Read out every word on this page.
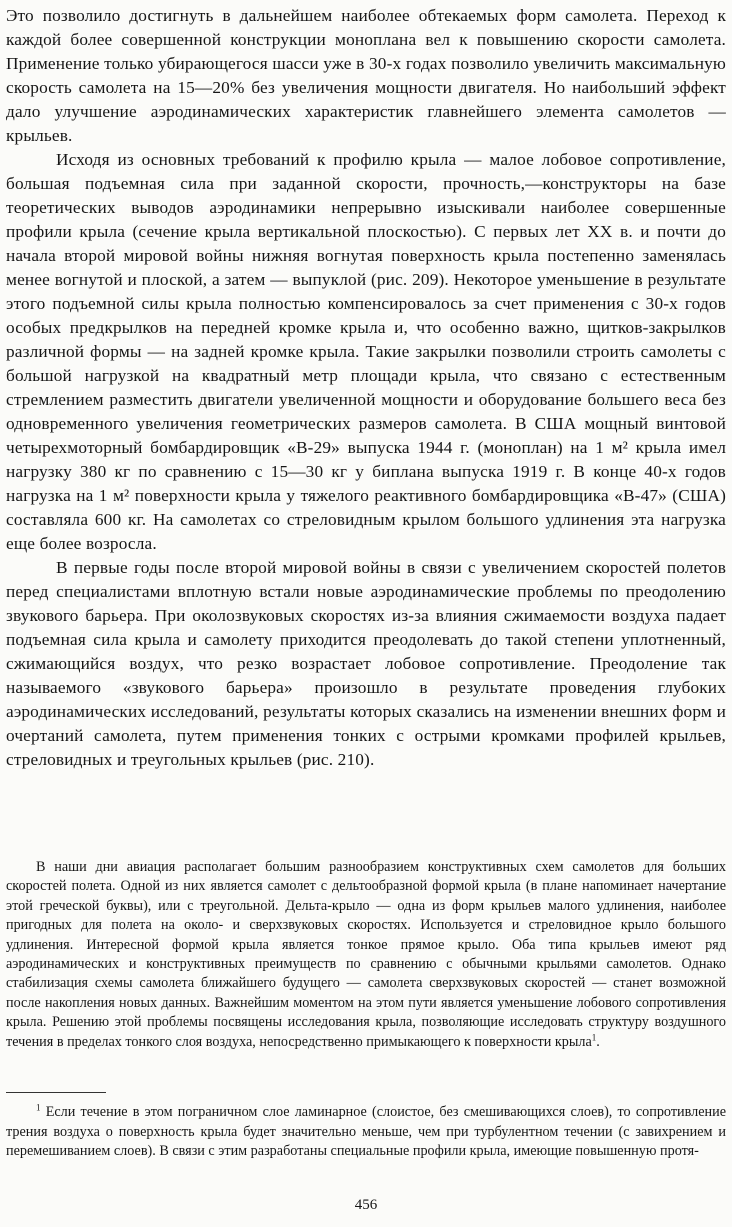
Это позволило достигнуть в дальнейшем наиболее обтекаемых форм самолета. Переход к каждой более совершенной конструкции моноплана вел к повышению скорости самолета. Применение только убирающегося шасси уже в 30-х годах позволило увеличить максимальную скорость самолета на 15—20% без увеличения мощности двигателя. Но наибольший эффект дало улучшение аэродинамических характеристик главнейшего элемента самолетов — крыльев.

Исходя из основных требований к профилю крыла — малое лобовое сопротивление, большая подъемная сила при заданной скорости, прочность,—конструкторы на базе теоретических выводов аэродинамики непрерывно изыскивали наиболее совершенные профили крыла (сечение крыла вертикальной плоскостью). С первых лет XX в. и почти до начала второй мировой войны нижняя вогнутая поверхность крыла постепенно заменялась менее вогнутой и плоской, а затем — выпуклой (рис. 209). Некоторое уменьшение в результате этого подъемной силы крыла полностью компенсировалось за счет применения с 30-х годов особых предкрылков на передней кромке крыла и, что особенно важно, щитков-закрылков различной формы — на задней кромке крыла. Такие закрылки позволили строить самолеты с большой нагрузкой на квадратный метр площади крыла, что связано с естественным стремлением разместить двигатели увеличенной мощности и оборудование большего веса без одновременного увеличения геометрических размеров самолета. В США мощный винтовой четырехмоторный бомбардировщик «В-29» выпуска 1944 г. (моноплан) на 1 м² крыла имел нагрузку 380 кг по сравнению с 15—30 кг у биплана выпуска 1919 г. В конце 40-х годов нагрузка на 1 м² поверхности крыла у тяжелого реактивного бомбардировщика «В-47» (США) составляла 600 кг. На самолетах со стреловидным крылом большого удлинения эта нагрузка еще более возросла.

В первые годы после второй мировой войны в связи с увеличением скоростей полетов перед специалистами вплотную встали новые аэродинамические проблемы по преодолению звукового барьера. При околозвуковых скоростях из-за влияния сжимаемости воздуха падает подъемная сила крыла и самолету приходится преодолевать до такой степени уплотненный, сжимающийся воздух, что резко возрастает лобовое сопротивление. Преодоление так называемого «звукового барьера» произошло в результате проведения глубоких аэродинамических исследований, результаты которых сказались на изменении внешних форм и очертаний самолета, путем применения тонких с острыми кромками профилей крыльев, стреловидных и треугольных крыльев (рис. 210).

В наши дни авиация располагает большим разнообразием конструктивных схем самолетов для больших скоростей полета. Одной из них является самолет с дельтообразной формой крыла (в плане напоминает начертание этой греческой буквы), или с треугольной. Дельта-крыло — одна из форм крыльев малого удлинения, наиболее пригодных для полета на около- и сверхзвуковых скоростях. Используется и стреловидное крыло большого удлинения. Интересной формой крыла является тонкое прямое крыло. Оба типа крыльев имеют ряд аэродинамических и конструктивных преимуществ по сравнению с обычными крыльями самолетов. Однако стабилизация схемы самолета ближайшего будущего — самолета сверхзвуковых скоростей — станет возможной после накопления новых данных. Важнейшим моментом на этом пути является уменьшение лобового сопротивления крыла. Решению этой проблемы посвящены исследования крыла, позволяющие исследовать структуру воздушного течения в пределах тонкого слоя воздуха, непосредственно примыкающего к поверхности крыла$^1$.

$^1$ Если течение в этом пограничном слое ламинарное (слоистое, без смешивающихся слоев), то сопротивление трения воздуха о поверхность крыла будет значительно меньше, чем при турбулентном течении (с завихрением и перемешиванием слоев). В связи с этим разработаны специальные профили крыла, имеющие повышенную протя-

456
